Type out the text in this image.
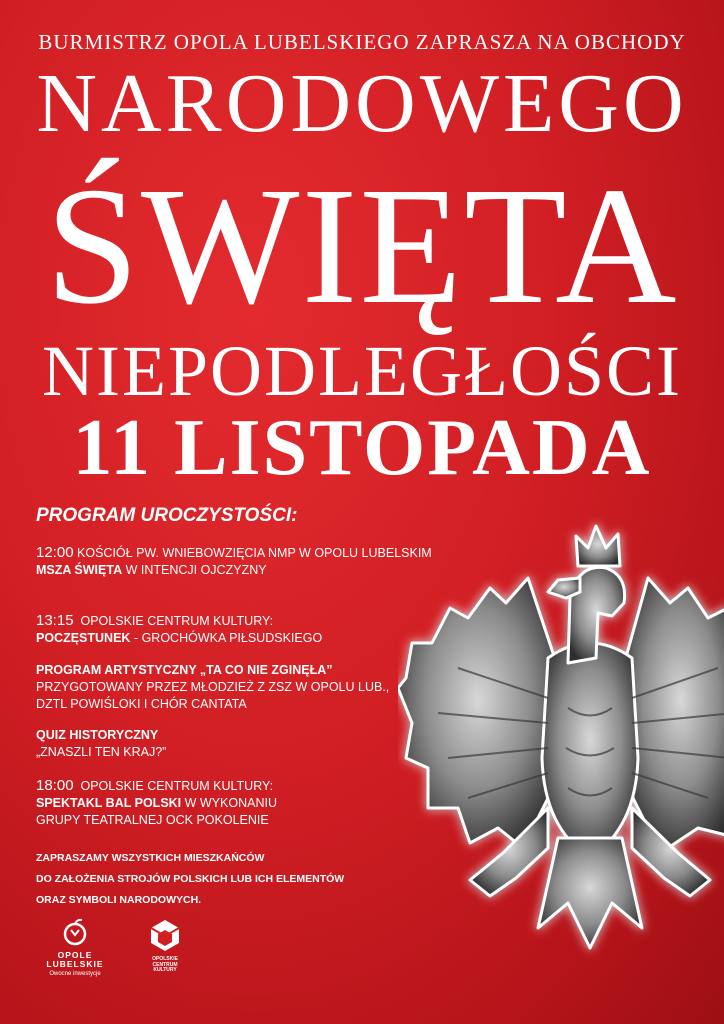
BURMISTRZ OPOLA LUBELSKIEGO ZAPRASZA NA OBCHODY
NARODOWEGO
ŚWIĘTA
NIEPODLEGŁOŚCI
11 LISTOPADA
PROGRAM UROCZYSTOŚCI:
12:00 KOŚCIÓŁ PW. WNIEBOWZIĘCIA NMP W OPOLU LUBELSKIM
MSZA ŚWIĘTA W INTENCJI OJCZYZNY
13:15 OPOLSKIE CENTRUM KULTURY:
POCZĘSTUNEK - GROCHÓWKA PIŁSUDSKIEGO
PROGRAM ARTYSTYCZNY „TA CO NIE ZGINĘŁA”
PRZYGOTOWANY PRZEZ MŁODZIEŻ Z ZSZ W OPOLU LUB.,
DZTL POWIŚLOKI I CHÓR CANTATA
QUIZ HISTORYCZNY
„ZNASZLI TEN KRAJ?”
18:00 OPOLSKIE CENTRUM KULTURY:
SPEKTAKL BAL POLSKI W WYKONANIU
GRUPY TEATRALNEJ OCK POKOLENIE
ZAPRASZAMY WSZYSTKICH MIESZKAŃCÓW
DO ZAŁOŻENIA STROJÓW POLSKICH LUB ICH ELEMENTÓW
ORAZ SYMBOLI NARODOWYCH.
OPOLE
LUBELSKIE
Owocne inwestycje
OPOLSKIE
CENTRUM
KULTURY
